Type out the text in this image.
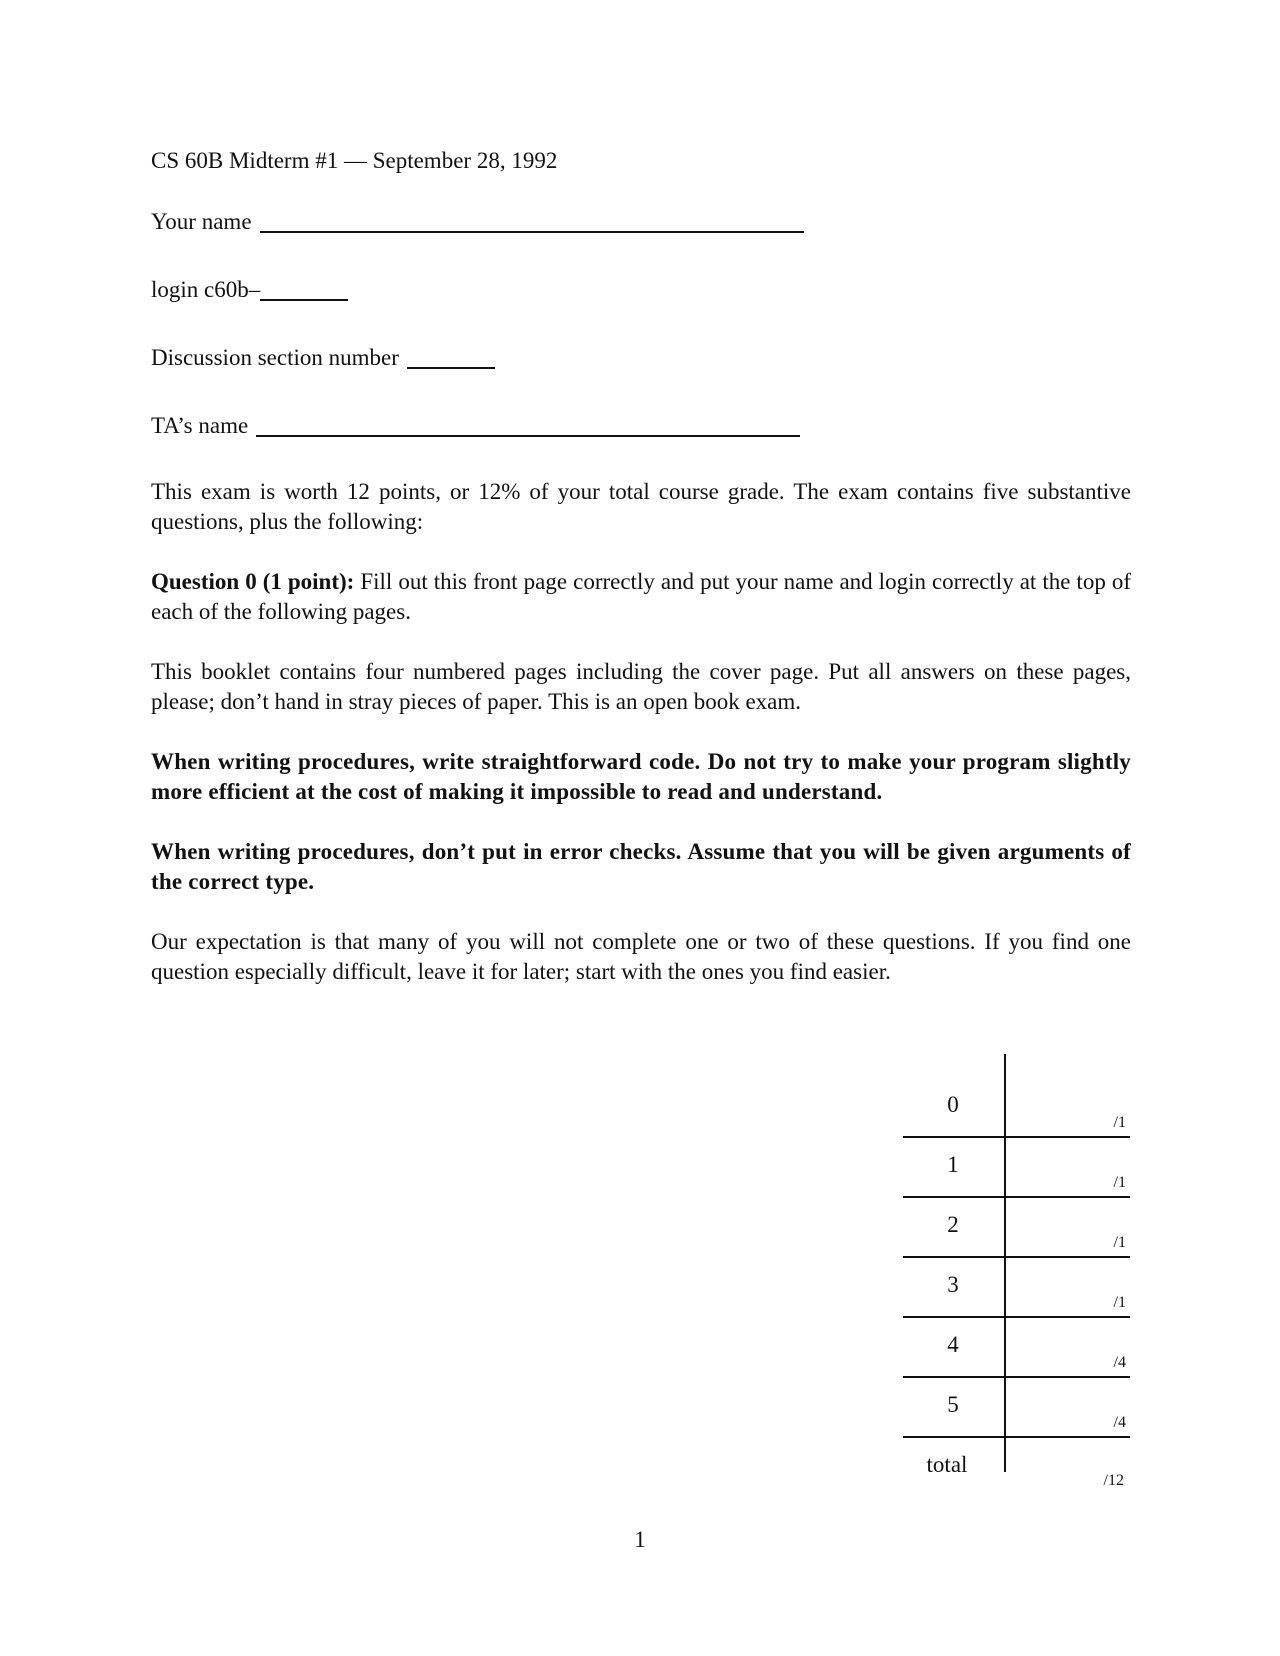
CS 60B Midterm #1 — September 28, 1992
Your name
login c60b–
Discussion section number
TA’s name

This exam is worth 12 points, or 12% of your total course grade. The exam contains five substantive questions, plus the following:

Question 0 (1 point): Fill out this front page correctly and put your name and login correctly at the top of each of the following pages.

This booklet contains four numbered pages including the cover page. Put all answers on these pages, please; don’t hand in stray pieces of paper. This is an open book exam.

When writing procedures, write straightforward code. Do not try to make your program slightly more efficient at the cost of making it impossible to read and understand.

When writing procedures, don’t put in error checks. Assume that you will be given arguments of the correct type.

Our expectation is that many of you will not complete one or two of these questions. If you find one question especially difficult, leave it for later; start with the ones you find easier.

0
/1
1
/1
2
/1
3
/1
4
/4
5
/4
total
/12
1
